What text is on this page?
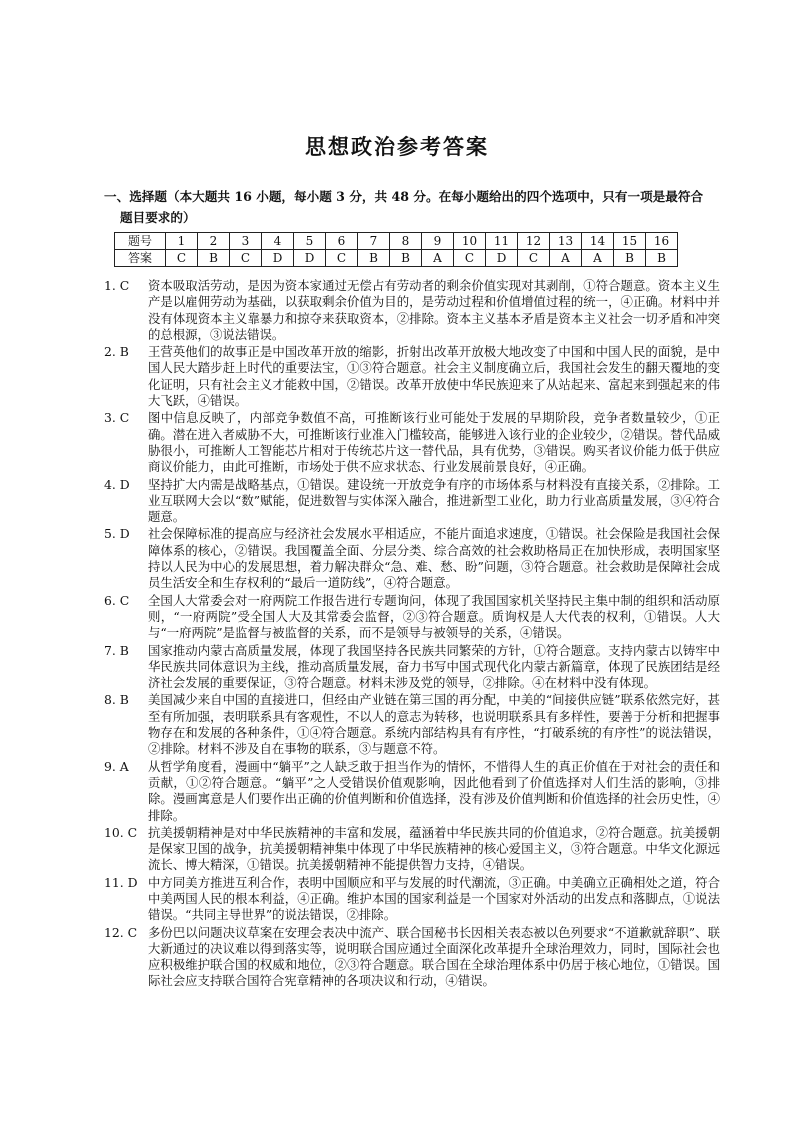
思想政治参考答案
一、选择题（本大题共 16 小题，每小题 3 分，共 48 分。在每小题给出的四个选项中，只有一项是最符合
题目要求的）
题号	1	2	3	4	5	6	7	8	9	10	11	12	13	14	15	16
答案	C	B	C	D	D	C	B	B	A	C	D	C	A	A	B	B
1. C	资本吸取活劳动，是因为资本家通过无偿占有劳动者的剩余价值实现对其剥削，①符合题意。资本主义生产是以雇佣劳动为基础，以获取剩余价值为目的，是劳动过程和价值增值过程的统一，④正确。材料中并没有体现资本主义靠暴力和掠夺来获取资本，②排除。资本主义基本矛盾是资本主义社会一切矛盾和冲突的总根源，③说法错误。
2. B	王营英他们的故事正是中国改革开放的缩影，折射出改革开放极大地改变了中国和中国人民的面貌，是中国人民大踏步赶上时代的重要法宝，①③符合题意。社会主义制度确立后，我国社会发生的翻天覆地的变化证明，只有社会主义才能救中国，②错误。改革开放使中华民族迎来了从站起来、富起来到强起来的伟大飞跃，④错误。
3. C	图中信息反映了，内部竞争数值不高，可推断该行业可能处于发展的早期阶段，竞争者数量较少，①正确。潜在进入者威胁不大，可推断该行业准入门槛较高，能够进入该行业的企业较少，②错误。替代品威胁很小，可推断人工智能芯片相对于传统芯片这一替代品，具有优势，③错误。购买者议价能力低于供应商议价能力，由此可推断，市场处于供不应求状态、行业发展前景良好，④正确。
4. D	坚持扩大内需是战略基点，①错误。建设统一开放竞争有序的市场体系与材料没有直接关系，②排除。工业互联网大会以“数”赋能，促进数智与实体深入融合，推进新型工业化，助力行业高质量发展，③④符合题意。
5. D	社会保障标准的提高应与经济社会发展水平相适应，不能片面追求速度，①错误。社会保险是我国社会保障体系的核心，②错误。我国覆盖全面、分层分类、综合高效的社会救助格局正在加快形成，表明国家坚持以人民为中心的发展思想，着力解决群众“急、难、愁、盼”问题，③符合题意。社会救助是保障社会成员生活安全和生存权利的“最后一道防线”，④符合题意。
6. C	全国人大常委会对一府两院工作报告进行专题询问，体现了我国国家机关坚持民主集中制的组织和活动原则，“一府两院”受全国人大及其常委会监督，②③符合题意。质询权是人大代表的权利，①错误。人大与“一府两院”是监督与被监督的关系，而不是领导与被领导的关系，④错误。
7. B	国家推动内蒙古高质量发展，体现了我国坚持各民族共同繁荣的方针，①符合题意。支持内蒙古以铸牢中华民族共同体意识为主线，推动高质量发展，奋力书写中国式现代化内蒙古新篇章，体现了民族团结是经济社会发展的重要保证，③符合题意。材料未涉及党的领导，②排除。④在材料中没有体现。
8. B	美国减少来自中国的直接进口，但经由产业链在第三国的再分配，中美的“间接供应链”联系依然完好，甚至有所加强，表明联系具有客观性，不以人的意志为转移，也说明联系具有多样性，要善于分析和把握事物存在和发展的各种条件，①④符合题意。系统内部结构具有有序性，“打破系统的有序性”的说法错误，②排除。材料不涉及自在事物的联系，③与题意不符。
9. A	从哲学角度看，漫画中“躺平”之人缺乏敢于担当作为的情怀，不惜得人生的真正价值在于对社会的责任和贡献，①②符合题意。“躺平”之人受错误价值观影响，因此他看到了价值选择对人们生活的影响，③排除。漫画寓意是人们要作出正确的价值判断和价值选择，没有涉及价值判断和价值选择的社会历史性，④排除。
10. C 抗美援朝精神是对中华民族精神的丰富和发展，蕴涵着中华民族共同的价值追求，②符合题意。抗美援朝是保家卫国的战争，抗美援朝精神集中体现了中华民族精神的核心爱国主义，③符合题意。中华文化源远流长、博大精深，①错误。抗美援朝精神不能提供智力支持，④错误。
11. D 中方同美方推进互利合作，表明中国顺应和平与发展的时代潮流，③正确。中美确立正确相处之道，符合中美两国人民的根本利益，④正确。维护本国的国家利益是一个国家对外活动的出发点和落脚点，①说法错误。“共同主导世界”的说法错误，②排除。
12. C 多份巴以问题决议草案在安理会表决中流产、联合国秘书长因相关表态被以色列要求“不道歉就辞职”、联大新通过的决议难以得到落实等，说明联合国应通过全面深化改革提升全球治理效力，同时，国际社会也应积极维护联合国的权威和地位，②③符合题意。联合国在全球治理体系中仍居于核心地位，①错误。国际社会应支持联合国符合宪章精神的各项决议和行动，④错误。
